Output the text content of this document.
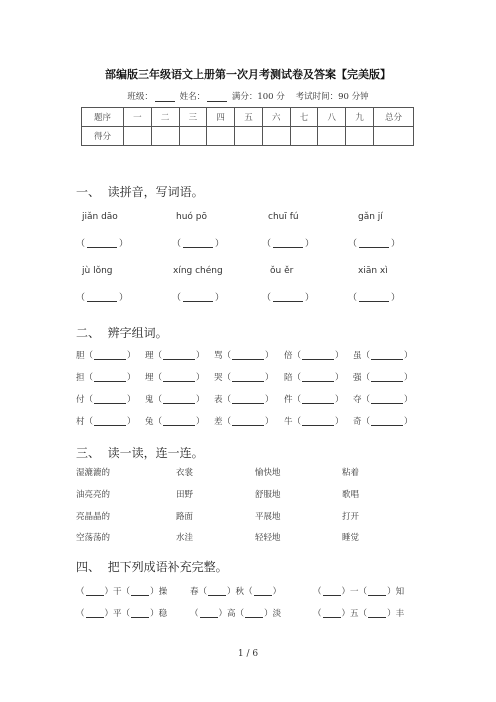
部编版三年级语文上册第一次月考测试卷及答案【完美版】
班级：	姓名：	满分：100 分 考试时间：90 分钟
题序	一	二	三	四	五	六	七	八	九	总分
得分										
一、 读拼音，写词语。
jiǎn dāo	huó pō	chuī fú	gǎn jí
（	）	（	）	（	）	（	）
jù lǒng	xíng chéng	ǒu ěr	xiān xì
（	）	（	）	（	）	（	）
二、 辨字组词。
胆（	） 理（	） 骂（	） 倍（	） 虽（	）
担（	） 埋（	） 哭（	） 陪（	） 强（	）
付（	） 鬼（	） 表（	） 件（	） 夺（	）
村（	） 兔（	） 差（	） 牛（	） 奇（	）
三、 读一读，连一连。
湿漉漉的	衣裳	愉快地	粘着
油亮亮的	田野	舒服地	歌唱
亮晶晶的	路面	平展地	打开
空荡荡的	水洼	轻轻地	睡觉
四、 把下列成语补充完整。
（ ）干（ ）操	春（ ）秋（ ）	（ ）一（ ）知
（ ）平（ ）稳	（ ）高（ ）淡	（ ）五（ ）丰
1 / 6
